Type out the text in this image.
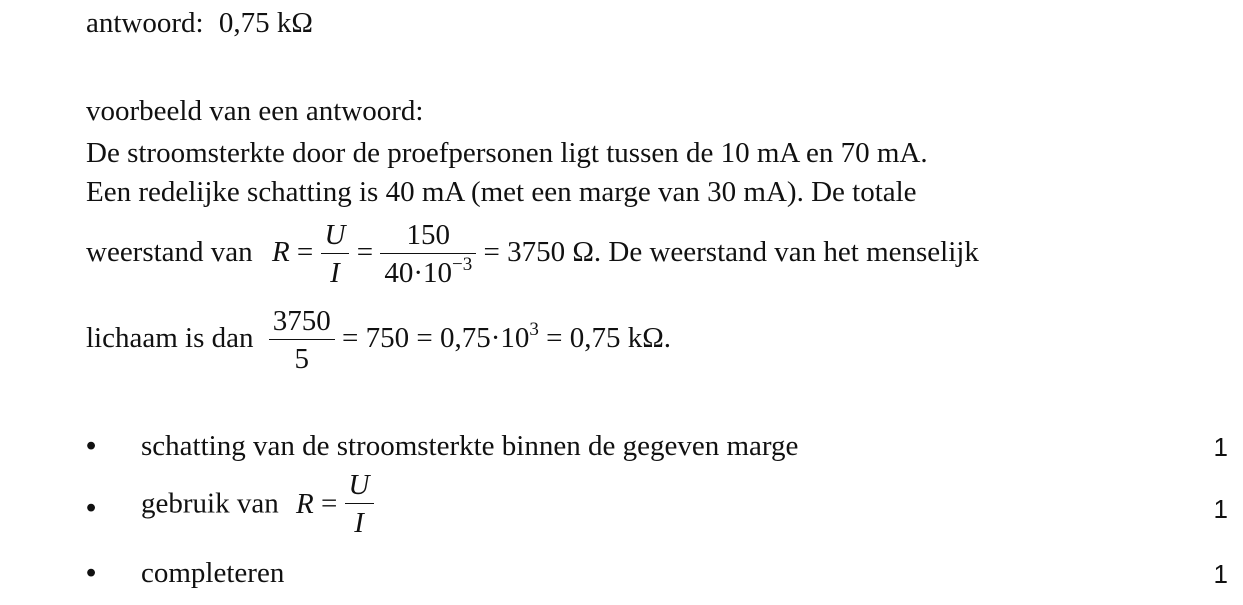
antwoord: 0,75 kΩ
voorbeeld van een antwoord:
De stroomsterkte door de proefpersonen ligt tussen de 10 mA en 70 mA.
Een redelijke schatting is 40 mA (met een marge van 30 mA). De totale
weerstand van $R = \frac{U}{I} = \frac{150}{40\cdot 10^{-3}} = 3750$ Ω. De weerstand van het menselijk
lichaam is dan $\frac{3750}{5} = 750 = 0,75\cdot 10^3 = 0,75$ kΩ.
• schatting van de stroomsterkte binnen de gegeven marge	1
• gebruik van $R = \frac{U}{I}$	1
• completeren	1
